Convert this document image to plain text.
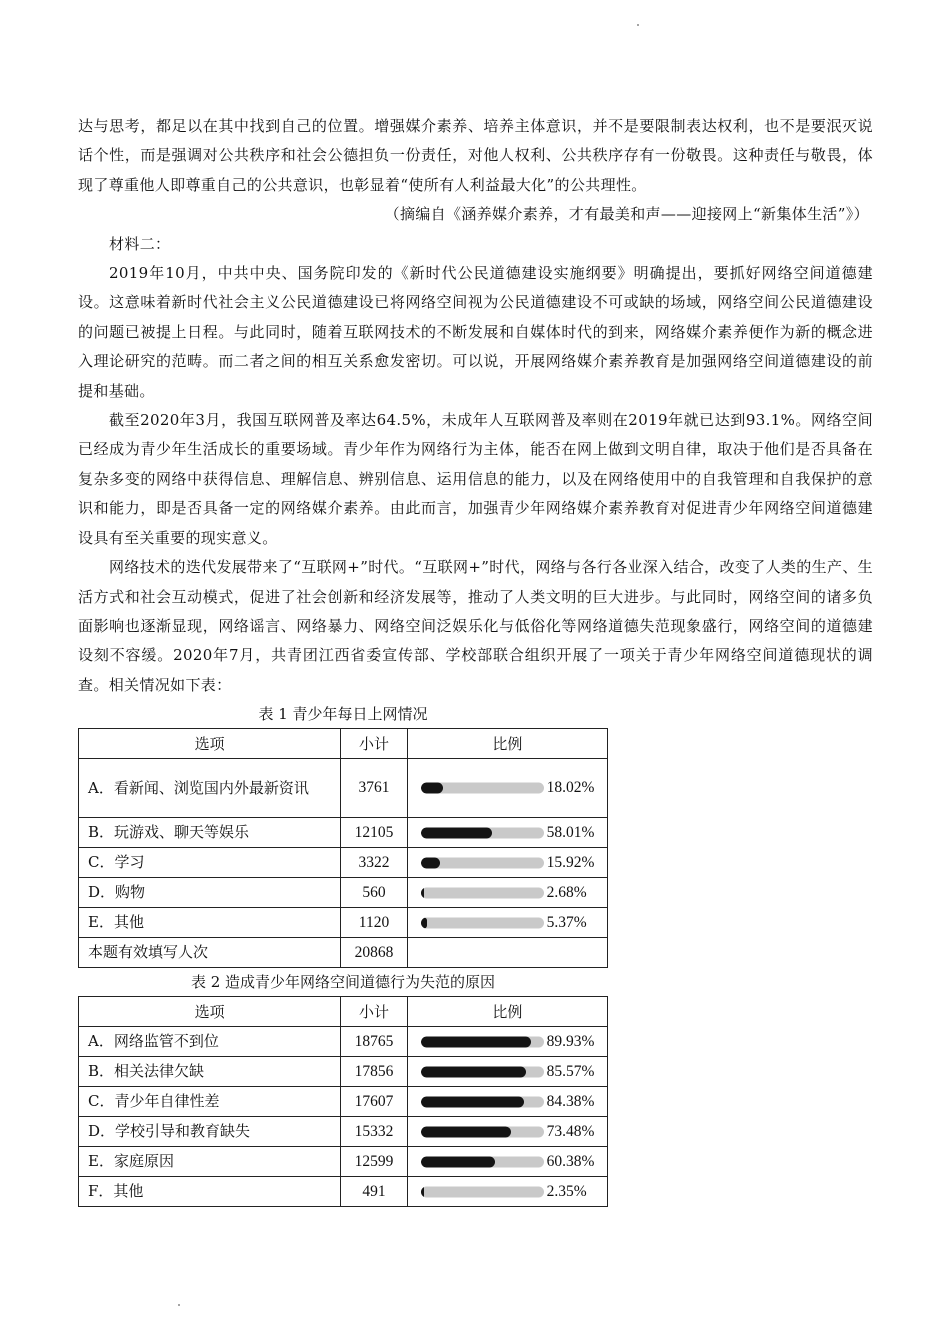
达与思考，都足以在其中找到自己的位置。增强媒介素养、培养主体意识，并不是要限制表达权利，也不是要泯灭说话个性，而是强调对公共秩序和社会公德担负一份责任，对他人权利、公共秩序存有一份敬畏。这种责任与敬畏，体现了尊重他人即尊重自己的公共意识，也彰显着“使所有人利益最大化”的公共理性。

（摘编自《涵养媒介素养，才有最美和声——迎接网上“新集体生活”》）

材料二：

2019年10月，中共中央、国务院印发的《新时代公民道德建设实施纲要》明确提出，要抓好网络空间道德建设。这意味着新时代社会主义公民道德建设已将网络空间视为公民道德建设不可或缺的场域，网络空间公民道德建设的问题已被提上日程。与此同时，随着互联网技术的不断发展和自媒体时代的到来，网络媒介素养便作为新的概念进入理论研究的范畴。而二者之间的相互关系愈发密切。可以说，开展网络媒介素养教育是加强网络空间道德建设的前提和基础。

截至2020年3月，我国互联网普及率达64.5%，未成年人互联网普及率则在2019年就已达到93.1%。网络空间已经成为青少年生活成长的重要场域。青少年作为网络行为主体，能否在网上做到文明自律，取决于他们是否具备在复杂多变的网络中获得信息、理解信息、辨别信息、运用信息的能力，以及在网络使用中的自我管理和自我保护的意识和能力，即是否具备一定的网络媒介素养。由此而言，加强青少年网络媒介素养教育对促进青少年网络空间道德建设具有至关重要的现实意义。

网络技术的迭代发展带来了“互联网+”时代。“互联网+”时代，网络与各行各业深入结合，改变了人类的生产、生活方式和社会互动模式，促进了社会创新和经济发展等，推动了人类文明的巨大进步。与此同时，网络空间的诸多负面影响也逐渐显现，网络谣言、网络暴力、网络空间泛娱乐化与低俗化等网络道德失范现象盛行，网络空间的道德建设刻不容缓。2020年7月，共青团江西省委宣传部、学校部联合组织开展了一项关于青少年网络空间道德现状的调查。相关情况如下表：

表 1 青少年每日上网情况
选项	小计	比例
A．看新闻、浏览国内外最新资讯	3761	18.02%

B．玩游戏、聊天等娱乐	12105	58.01%

C．学习	3322	15.92%

D．购物	560	2.68%

E．其他	1120	5.37%

本题有效填写人次	20868	
表 2 造成青少年网络空间道德行为失范的原因
选项	小计	比例
A．网络监管不到位	18765	89.93%

B．相关法律欠缺	17856	85.57%

C．青少年自律性差	17607	84.38%

D．学校引导和教育缺失	15332	73.48%

E．家庭原因	12599	60.38%

F．其他	491	2.35%
